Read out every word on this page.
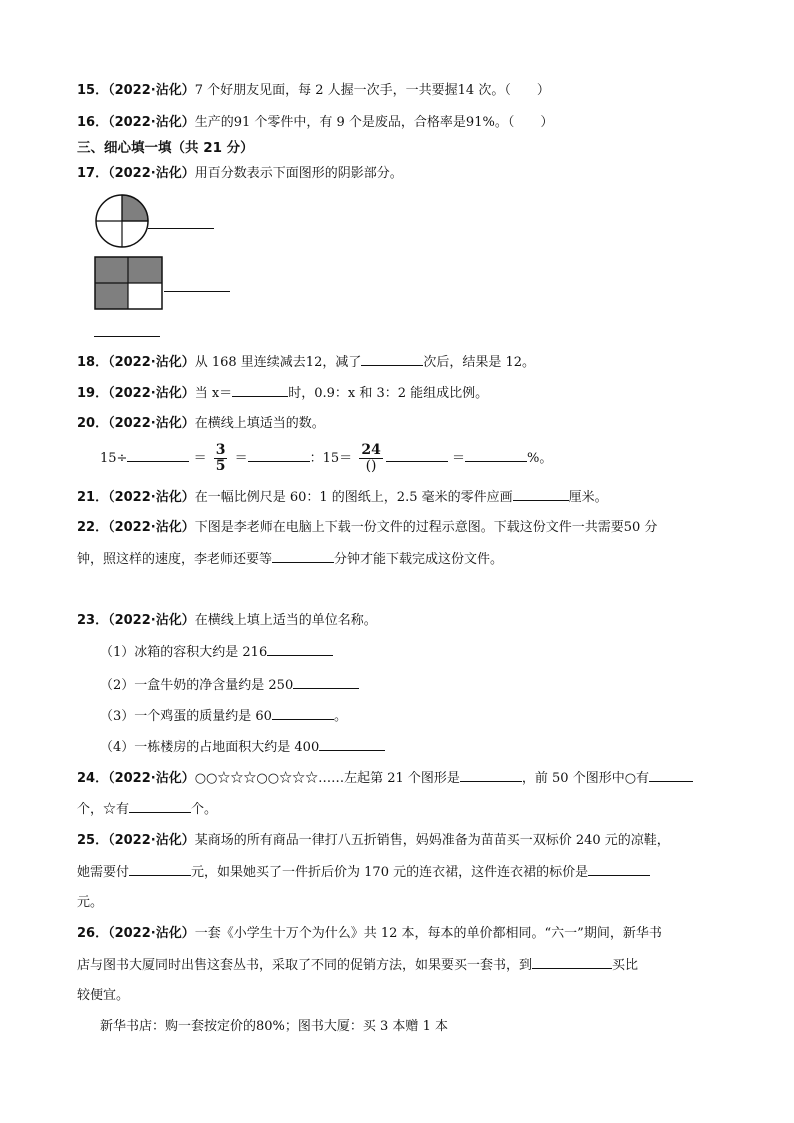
15．（2022·沾化）7 个好朋友见面，每 2 人握一次手，一共要握14 次。（　　）
16．（2022·沾化）生产的91 个零件中，有 9 个是废品，合格率是91%。（　　）
三、细心填一填（共 21 分）
17．（2022·沾化）用百分数表示下面图形的阴影部分。
18．（2022·沾化）从 168 里连续减去12，减了	次后，结果是 12。
19．（2022·沾化）当 x＝	时，0.9：x 和 3：2 能组成比例。
20．（2022·沾化）在横线上填适当的数。
15÷	＝ $\frac{3}{5}$ ＝	：$15= \frac{24}{()}$	＝	%。
21．（2022·沾化）在一幅比例尺是 60：1 的图纸上，2.5 毫米的零件应画	厘米。
22．（2022·沾化）下图是李老师在电脑上下载一份文件的过程示意图。下载这份文件一共需要50 分
钟，照这样的速度，李老师还要等	分钟才能下载完成这份文件。
23．（2022·沾化）在横线上填上适当的单位名称。
（1）冰箱的容积大约是 216
（2）一盒牛奶的净含量约是 250
（3）一个鸡蛋的质量约是 60	。
（4）一栋楼房的占地面积大约是 400
24．（2022·沾化）○○☆☆☆○○☆☆☆……左起第 21 个图形是	，前 50 个图形中○有
个，☆有	个。
25．（2022·沾化）某商场的所有商品一律打八五折销售，妈妈准备为苗苗买一双标价 240 元的凉鞋，
她需要付	元，如果她买了一件折后价为 170 元的连衣裙，这件连衣裙的标价是
元。
26．（2022·沾化）一套《小学生十万个为什么》共 12 本，每本的单价都相同。“六一”期间，新华书
店与图书大厦同时出售这套丛书，采取了不同的促销方法，如果要买一套书，到	买比
较便宜。
新华书店：购一套按定价的80%；图书大厦：买 3 本赠 1 本
